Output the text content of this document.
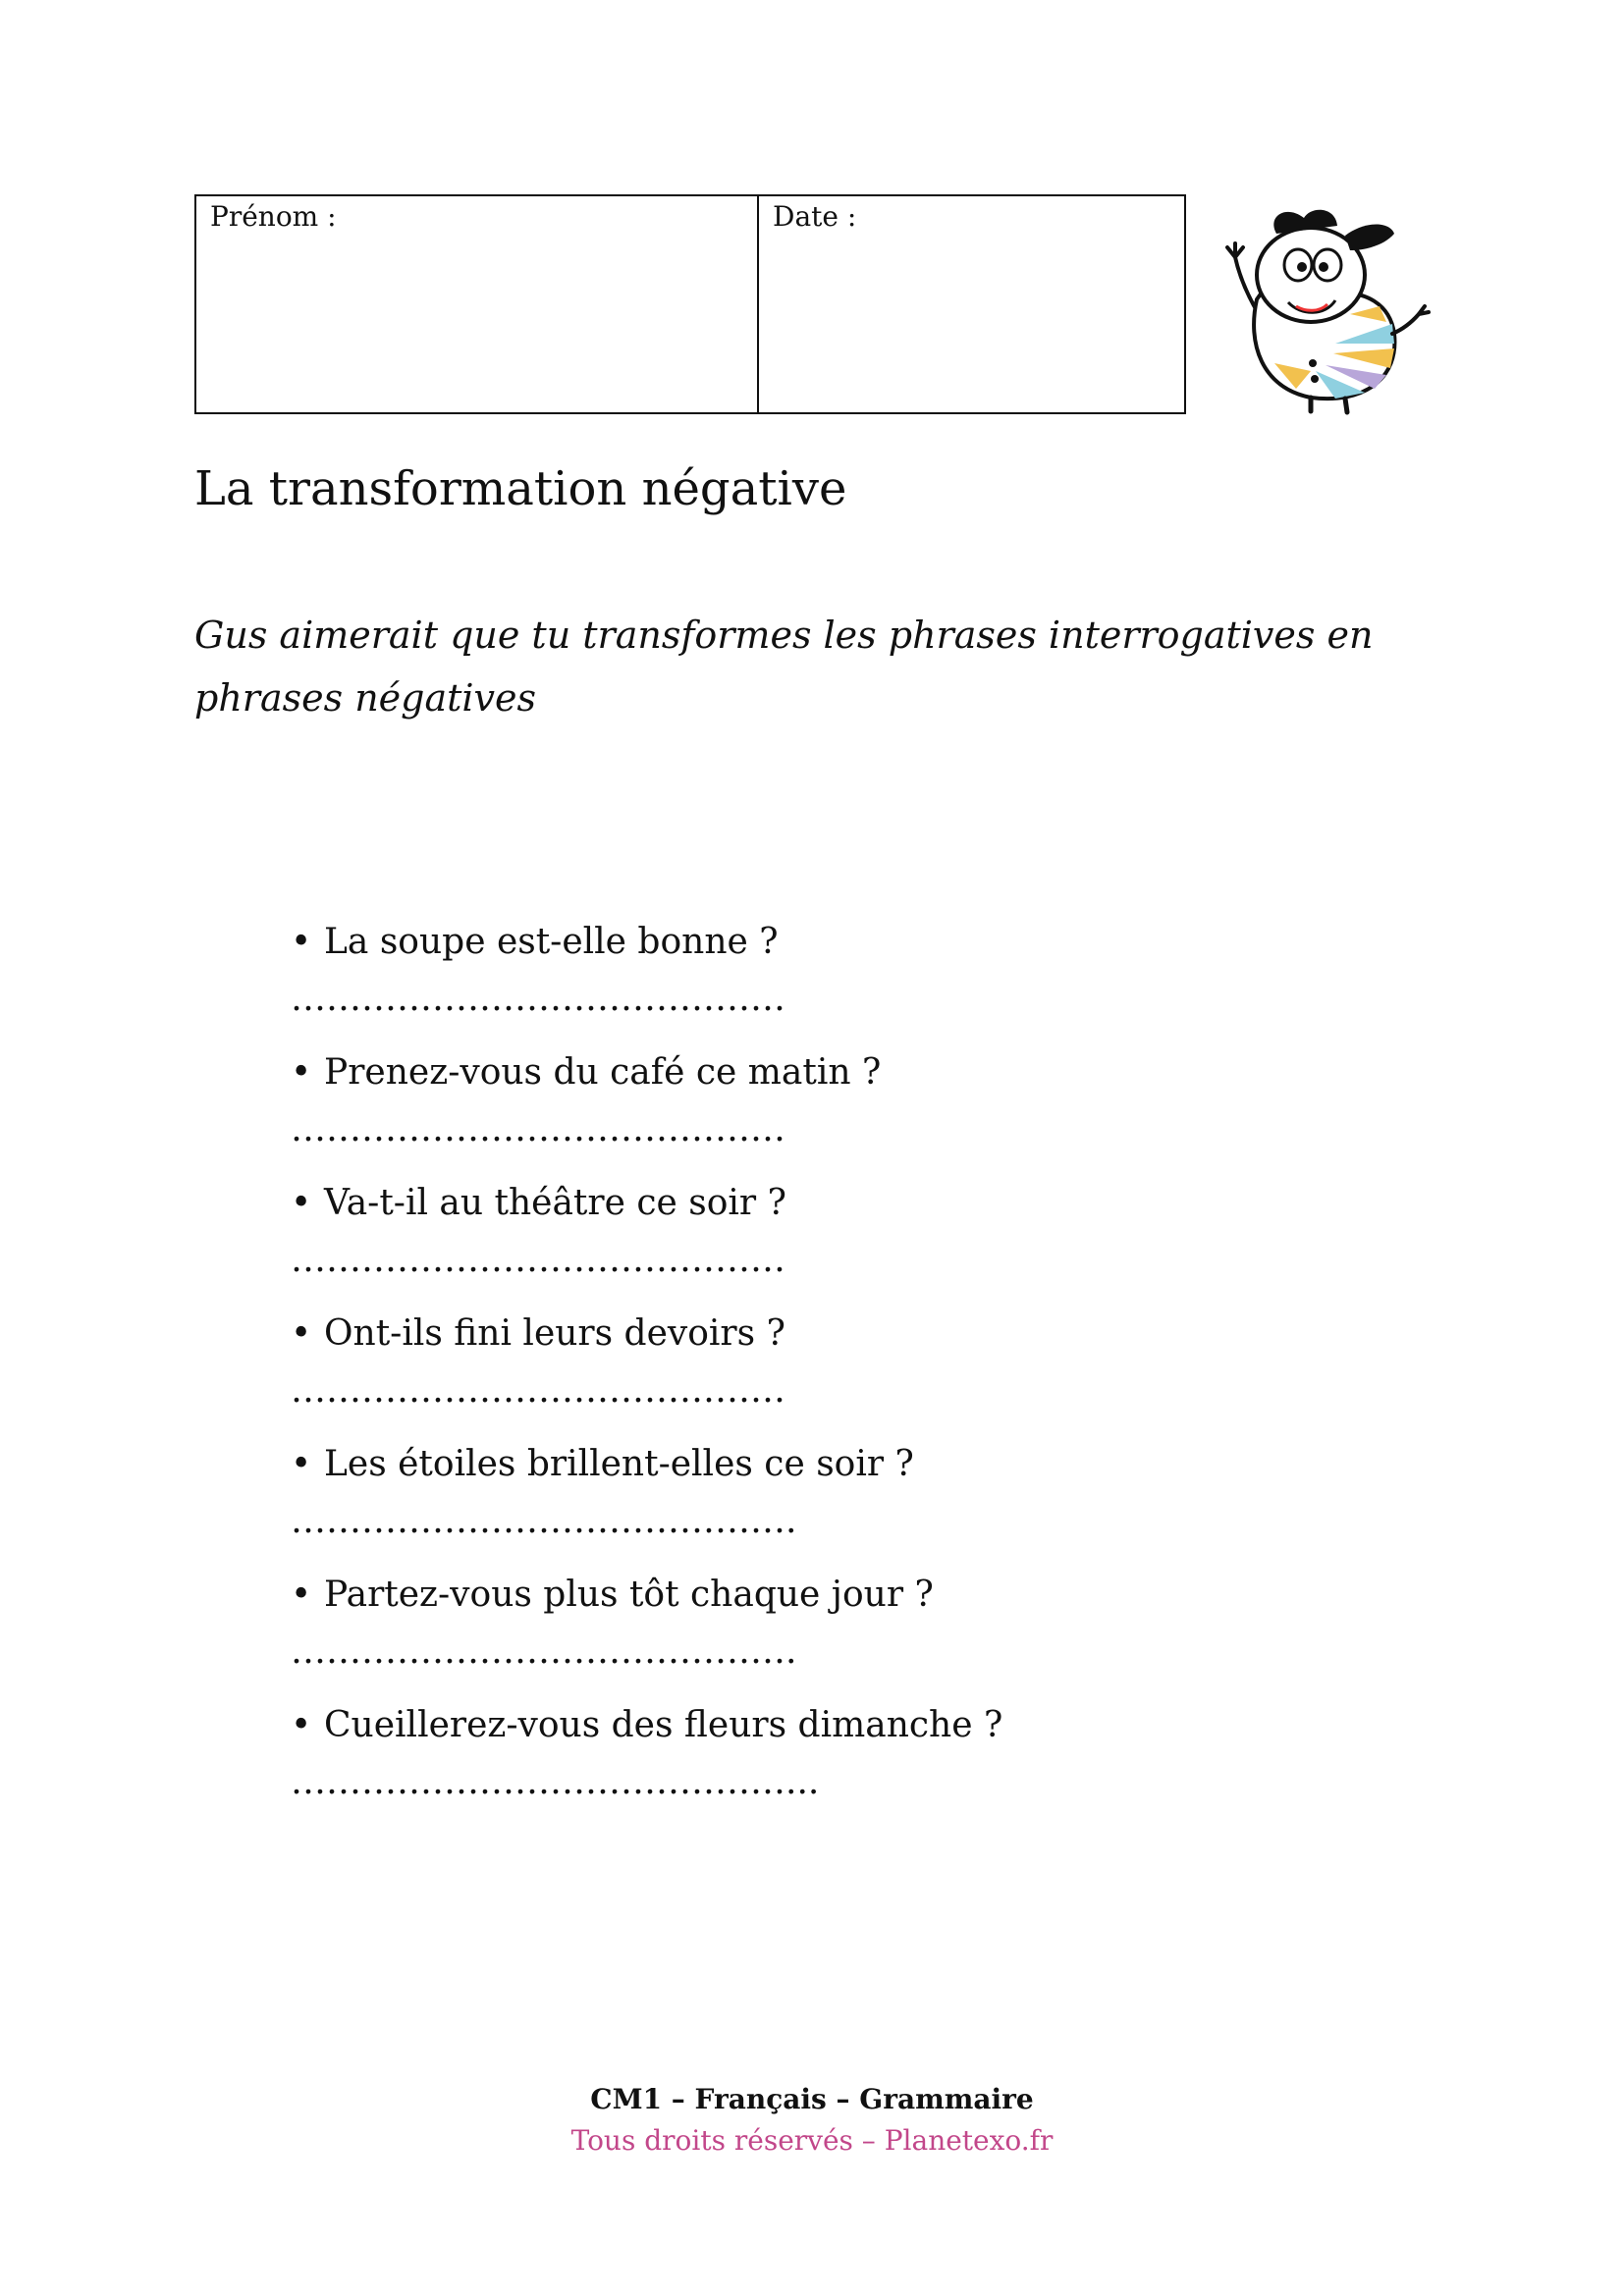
Prénom :	Date :
La transformation négative

Gus aimerait que tu transformes les phrases interrogatives en phrases négatives

• La soupe est-elle bonne ?
……………………………………
• Prenez-vous du café ce matin ?
……………………………………
• Va-t-il au théâtre ce soir ?
……………………………………
• Ont-ils fini leurs devoirs ?
……………………………………
• Les étoiles brillent-elles ce soir ?
…………………………………….
• Partez-vous plus tôt chaque jour ?
…………………………………….
• Cueillerez-vous des fleurs dimanche ?
……………………………………...
CM1 – Français – Grammaire
Tous droits réservés – Planetexo.fr
